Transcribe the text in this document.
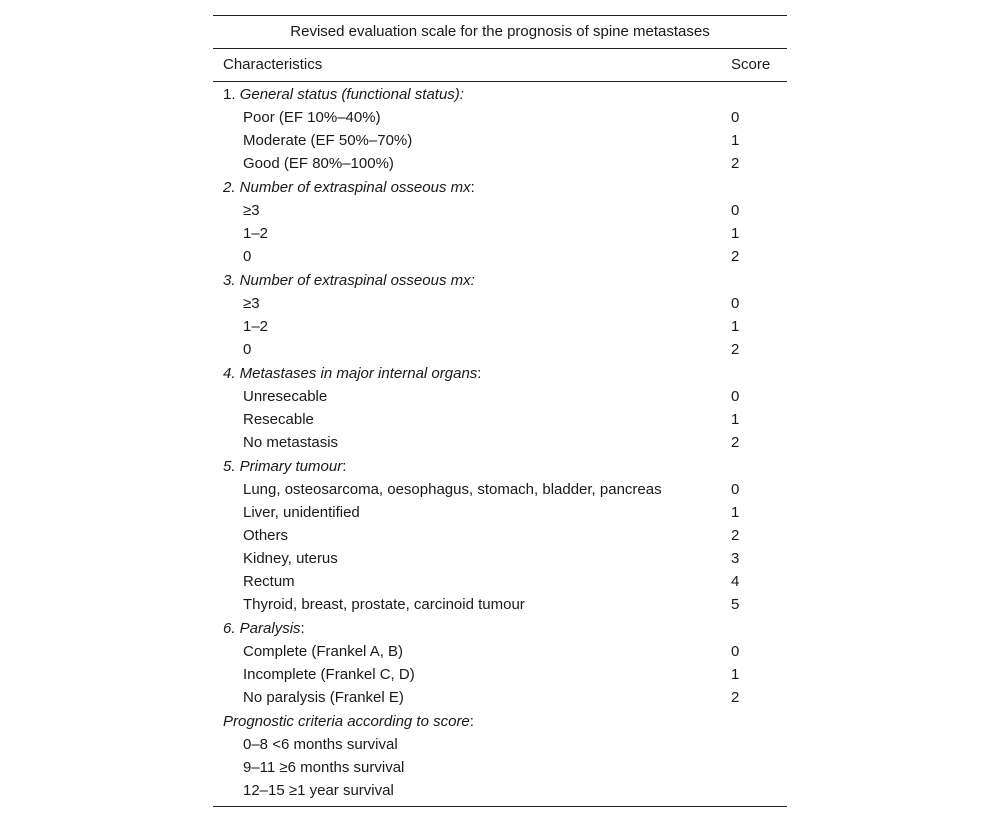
Revised evaluation scale for the prognosis of spine metastases
Characteristics	Score
1. General status (functional status):
Poor (EF 10%–40%)	0
Moderate (EF 50%–70%)	1
Good (EF 80%–100%)	2
2. Number of extraspinal osseous mx:
≥3	0
1–2	1
0	2
3. Number of extraspinal osseous mx:
≥3	0
1–2	1
0	2
4. Metastases in major internal organs:
Unresecable	0
Resecable	1
No metastasis	2
5. Primary tumour:
Lung, osteosarcoma, oesophagus, stomach, bladder, pancreas	0
Liver, unidentified	1
Others	2
Kidney, uterus	3
Rectum	4
Thyroid, breast, prostate, carcinoid tumour	5
6. Paralysis:
Complete (Frankel A, B)	0
Incomplete (Frankel C, D)	1
No paralysis (Frankel E)	2
Prognostic criteria according to score:
0–8 <6 months survival
9–11 ≥6 months survival
12–15 ≥1 year survival
